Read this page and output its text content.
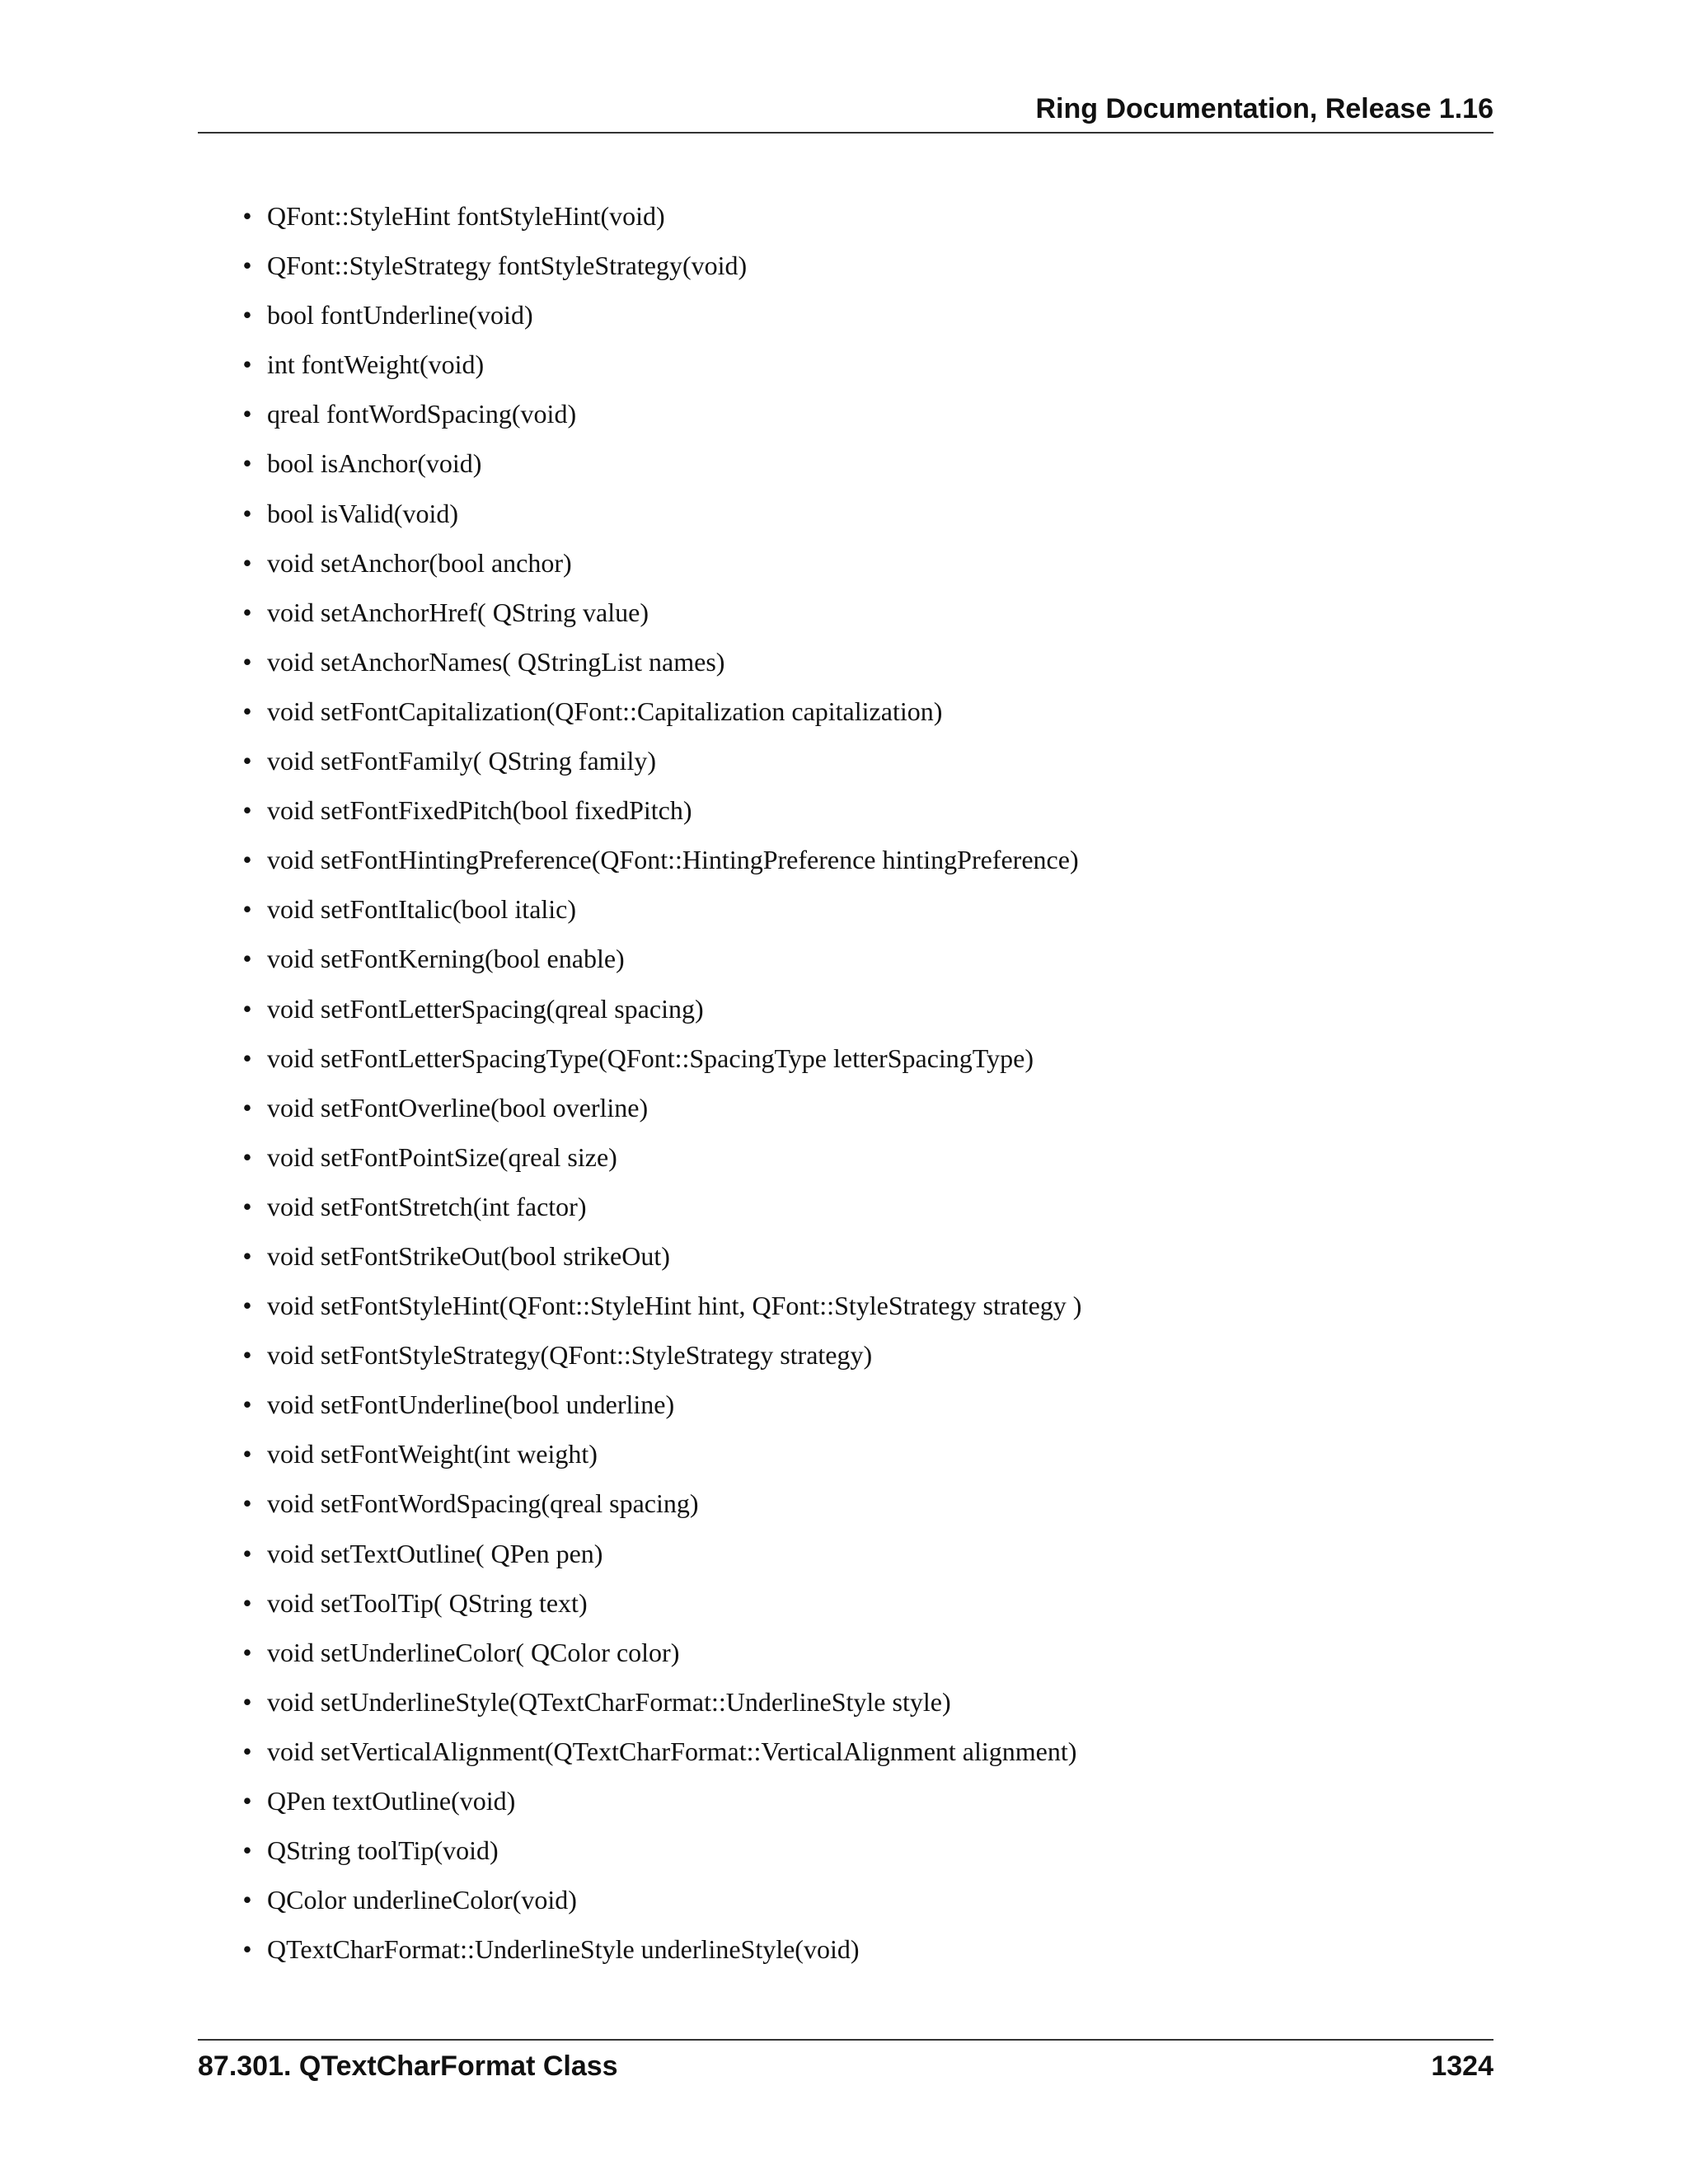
Ring Documentation, Release 1.16
• QFont::StyleHint fontStyleHint(void)
• QFont::StyleStrategy fontStyleStrategy(void)
• bool fontUnderline(void)
• int fontWeight(void)
• qreal fontWordSpacing(void)
• bool isAnchor(void)
• bool isValid(void)
• void setAnchor(bool anchor)
• void setAnchorHref( QString value)
• void setAnchorNames( QStringList names)
• void setFontCapitalization(QFont::Capitalization capitalization)
• void setFontFamily( QString family)
• void setFontFixedPitch(bool fixedPitch)
• void setFontHintingPreference(QFont::HintingPreference hintingPreference)
• void setFontItalic(bool italic)
• void setFontKerning(bool enable)
• void setFontLetterSpacing(qreal spacing)
• void setFontLetterSpacingType(QFont::SpacingType letterSpacingType)
• void setFontOverline(bool overline)
• void setFontPointSize(qreal size)
• void setFontStretch(int factor)
• void setFontStrikeOut(bool strikeOut)
• void setFontStyleHint(QFont::StyleHint hint, QFont::StyleStrategy strategy )
• void setFontStyleStrategy(QFont::StyleStrategy strategy)
• void setFontUnderline(bool underline)
• void setFontWeight(int weight)
• void setFontWordSpacing(qreal spacing)
• void setTextOutline( QPen pen)
• void setToolTip( QString text)
• void setUnderlineColor( QColor color)
• void setUnderlineStyle(QTextCharFormat::UnderlineStyle style)
• void setVerticalAlignment(QTextCharFormat::VerticalAlignment alignment)
• QPen textOutline(void)
• QString toolTip(void)
• QColor underlineColor(void)
• QTextCharFormat::UnderlineStyle underlineStyle(void)
87.301. QTextCharFormat Class	1324
